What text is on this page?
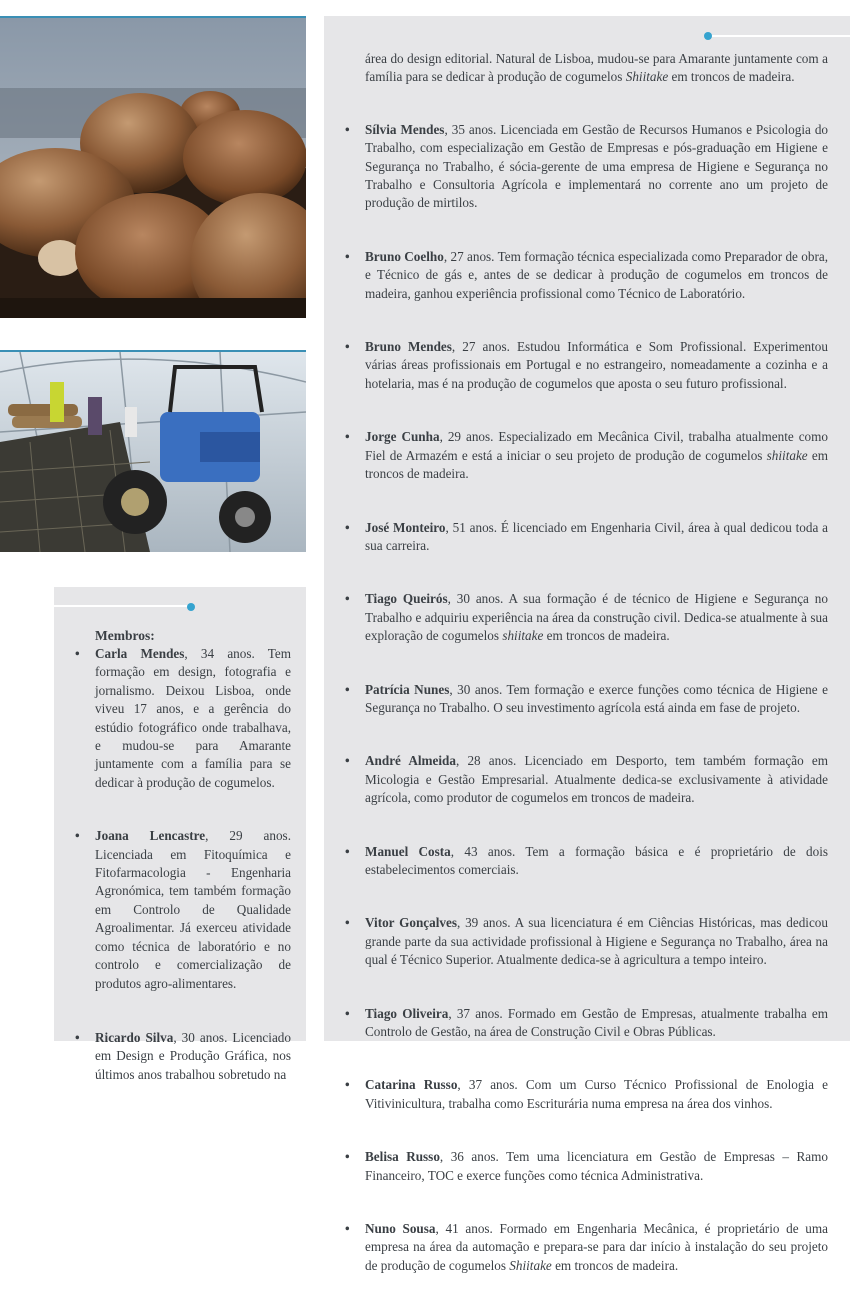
Membros:
• Carla Mendes, 34 anos. Tem formação em design, fotografia e jornalismo. Deixou Lisboa, onde viveu 17 anos, e a gerência do estúdio fotográfico onde trabalhava, e mudou-se para Amarante juntamente com a família para se dedicar à produção de cogumelos.
• Joana Lencastre, 29 anos. Licenciada em Fitoquímica e Fitofarmacologia - Engenharia Agronómica, tem também formação em Controlo de Qualidade Agroalimentar. Já exerceu atividade como técnica de laboratório e no controlo e comercialização de produtos agro-alimentares.
• Ricardo Silva, 30 anos. Licenciado em Design e Produção Gráfica, nos últimos anos trabalhou sobretudo na

área do design editorial. Natural de Lisboa, mudou-se para Amarante juntamente com a família para se dedicar à produção de cogumelos Shiitake em troncos de madeira.

• Sílvia Mendes, 35 anos. Licenciada em Gestão de Recursos Humanos e Psicologia do Trabalho, com especialização em Gestão de Empresas e pós-graduação em Higiene e Segurança no Trabalho, é sócia-gerente de uma empresa de Higiene e Segurança no Trabalho e Consultoria Agrícola e implementará no corrente ano um projeto de produção de mirtilos.
• Bruno Coelho, 27 anos. Tem formação técnica especializada como Preparador de obra, e Técnico de gás e, antes de se dedicar à produção de cogumelos em troncos de madeira, ganhou experiência profissional como Técnico de Laboratório.
• Bruno Mendes, 27 anos. Estudou Informática e Som Profissional. Experimentou várias áreas profissionais em Portugal e no estrangeiro, nomeadamente a cozinha e a hotelaria, mas é na produção de cogumelos que aposta o seu futuro profissional.
• Jorge Cunha, 29 anos. Especializado em Mecânica Civil, trabalha atualmente como Fiel de Armazém e está a iniciar o seu projeto de produção de cogumelos shiitake em troncos de madeira.
• José Monteiro, 51 anos. É licenciado em Engenharia Civil, área à qual dedicou toda a sua carreira.
• Tiago Queirós, 30 anos. A sua formação é de técnico de Higiene e Segurança no Trabalho e adquiriu experiência na área da construção civil. Dedica-se atualmente à sua exploração de cogumelos shiitake em troncos de madeira.
• Patrícia Nunes, 30 anos. Tem formação e exerce funções como técnica de Higiene e Segurança no Trabalho. O seu investimento agrícola está ainda em fase de projeto.
• André Almeida, 28 anos. Licenciado em Desporto, tem também formação em Micologia e Gestão Empresarial. Atualmente dedica-se exclusivamente à atividade agrícola, como produtor de cogumelos em troncos de madeira.
• Manuel Costa, 43 anos. Tem a formação básica e é proprietário de dois estabelecimentos comerciais.
• Vitor Gonçalves, 39 anos. A sua licenciatura é em Ciências Históricas, mas dedicou grande parte da sua actividade profissional à Higiene e Segurança no Trabalho, área na qual é Técnico Superior. Atualmente dedica-se à agricultura a tempo inteiro.
• Tiago Oliveira, 37 anos. Formado em Gestão de Empresas, atualmente trabalha em Controlo de Gestão, na área de Construção Civil e Obras Públicas.
• Catarina Russo, 37 anos. Com um Curso Técnico Profissional de Enologia e Vitivinicultura, trabalha como Escriturária numa empresa na área dos vinhos.
• Belisa Russo, 36 anos. Tem uma licenciatura em Gestão de Empresas – Ramo Financeiro, TOC e exerce funções como técnica Administrativa.
• Nuno Sousa, 41 anos. Formado em Engenharia Mecânica, é proprietário de uma empresa na área da automação e prepara-se para dar início à instalação do seu projeto de produção de cogumelos Shiitake em troncos de madeira.
